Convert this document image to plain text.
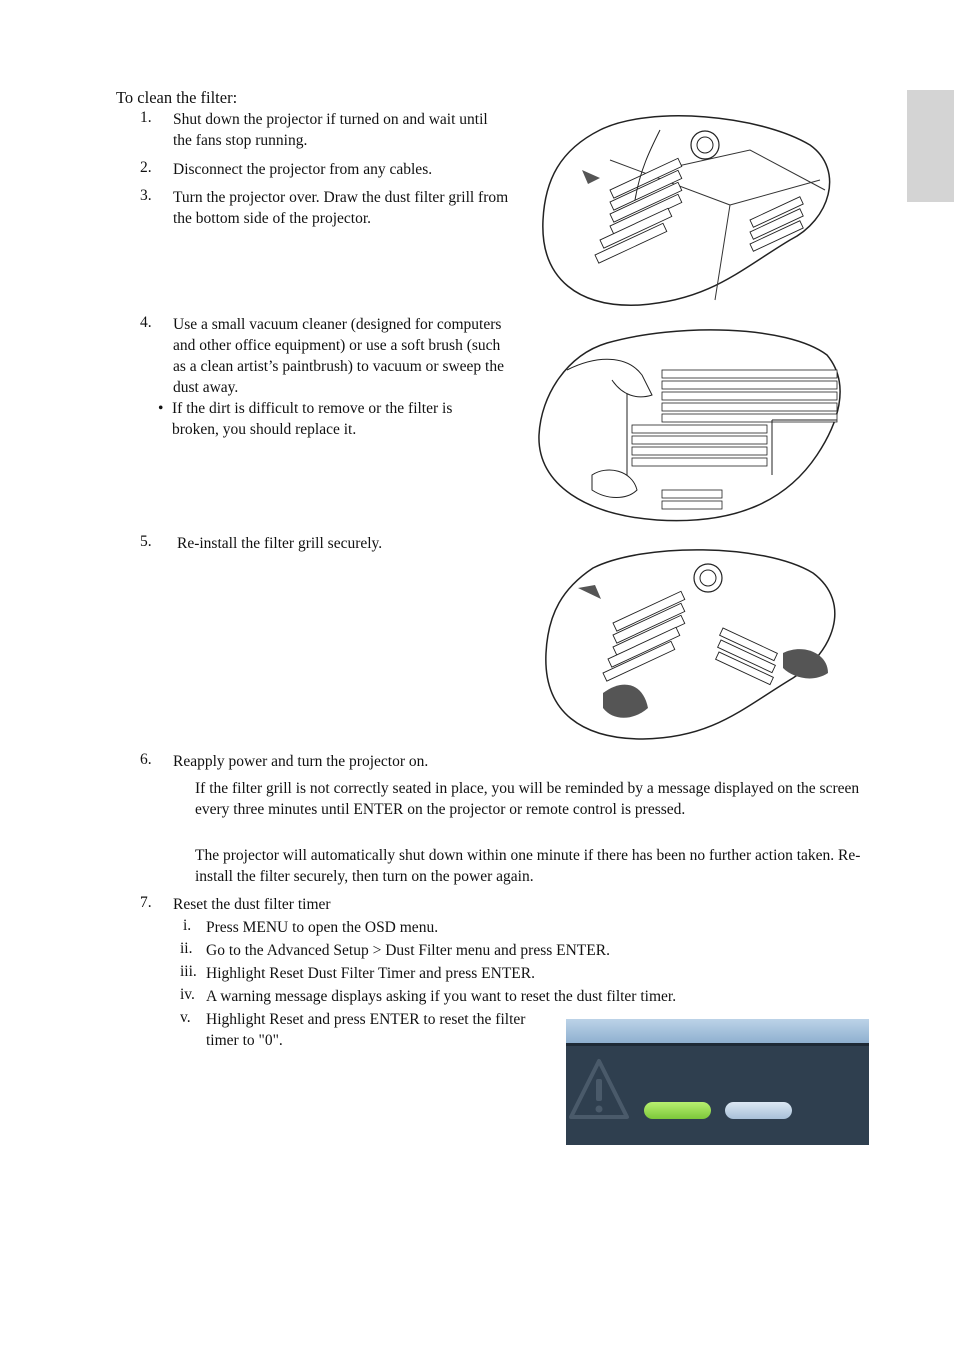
To clean the filter:
1.	Shut down the projector if turned on and wait until the fans stop running.
2.	Disconnect the projector from any cables.
3.	Turn the projector over. Draw the dust filter grill from the bottom side of the projector.
4.	Use a small vacuum cleaner (designed for computers and other office equipment) or use a soft brush (such as a clean artist’s paintbrush) to vacuum or sweep the dust away.
• If the dirt is difficult to remove or the filter is broken, you should replace it.
5.	Re-install the filter grill securely.
6.	Reapply power and turn the projector on.
If the filter grill is not correctly seated in place, you will be reminded by a message displayed on the screen every three minutes until ENTER on the projector or remote control is pressed.
The projector will automatically shut down within one minute if there has been no further action taken. Re-install the filter securely, then turn on the power again.
7.	Reset the dust filter timer
i. Press MENU to open the OSD menu.
ii. Go to the Advanced Setup > Dust Filter menu and press ENTER.
iii. Highlight Reset Dust Filter Timer and press ENTER.
iv. A warning message displays asking if you want to reset the dust filter timer.
v. Highlight Reset and press ENTER to reset the filter timer to "0".
